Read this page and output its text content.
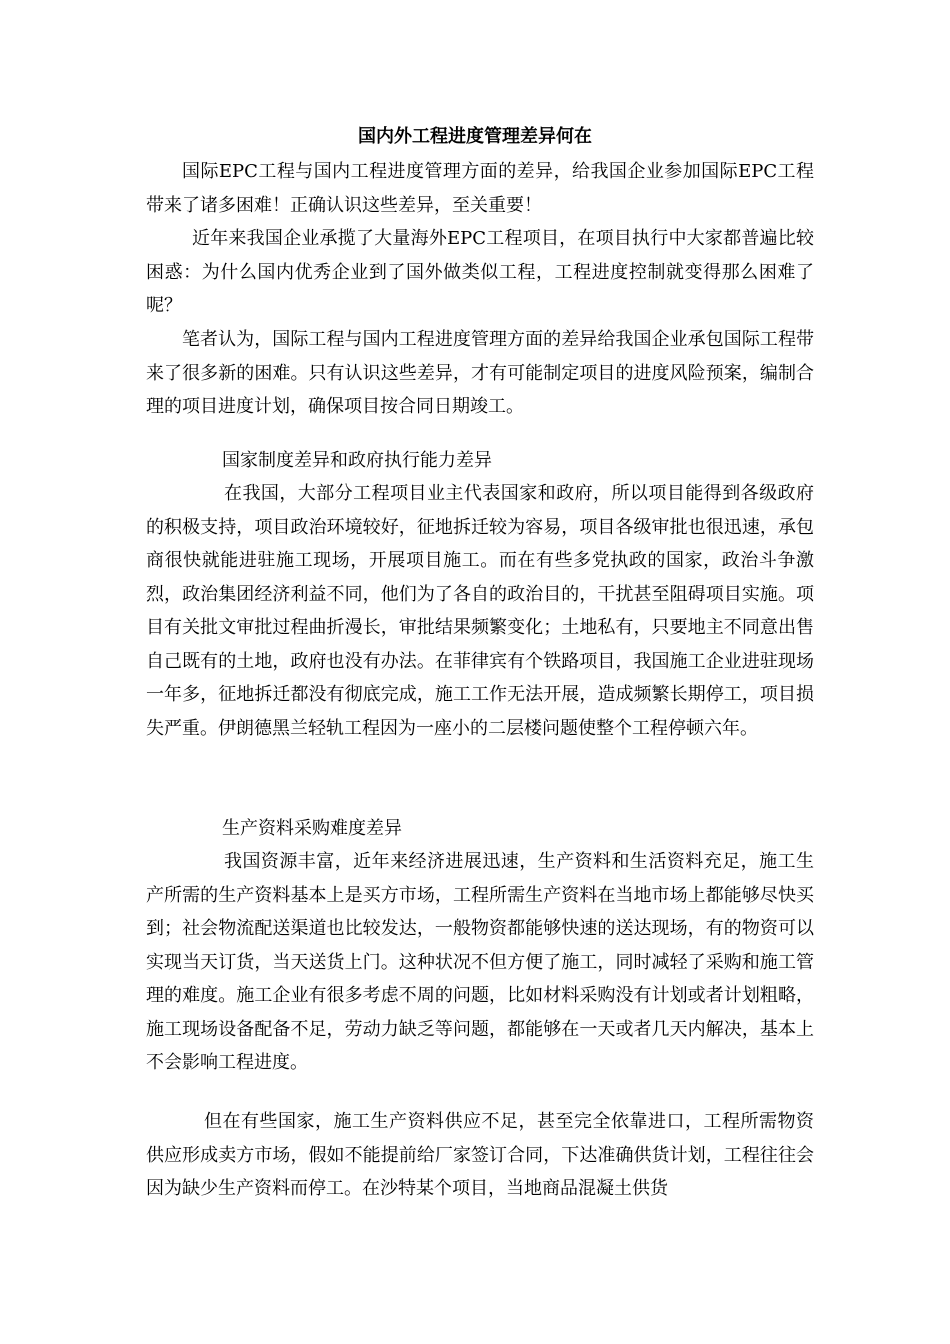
国内外工程进度管理差异何在

国际EPC工程与国内工程进度管理方面的差异，给我国企业参加国际EPC工程带来了诸多困难！正确认识这些差异，至关重要！

近年来我国企业承揽了大量海外EPC工程项目，在项目执行中大家都普遍比较困惑：为什么国内优秀企业到了国外做类似工程，工程进度控制就变得那么困难了呢？

笔者认为，国际工程与国内工程进度管理方面的差异给我国企业承包国际工程带来了很多新的困难。只有认识这些差异，才有可能制定项目的进度风险预案，编制合理的项目进度计划，确保项目按合同日期竣工。

国家制度差异和政府执行能力差异

在我国，大部分工程项目业主代表国家和政府，所以项目能得到各级政府的积极支持，项目政治环境较好，征地拆迁较为容易，项目各级审批也很迅速，承包商很快就能进驻施工现场，开展项目施工。而在有些多党执政的国家，政治斗争激烈，政治集团经济利益不同，他们为了各自的政治目的，干扰甚至阻碍项目实施。项目有关批文审批过程曲折漫长，审批结果频繁变化；土地私有，只要地主不同意出售自己既有的土地，政府也没有办法。在菲律宾有个铁路项目，我国施工企业进驻现场一年多，征地拆迁都没有彻底完成，施工工作无法开展，造成频繁长期停工，项目损失严重。伊朗德黑兰轻轨工程因为一座小的二层楼问题使整个工程停顿六年。

生产资料采购难度差异

我国资源丰富，近年来经济进展迅速，生产资料和生活资料充足，施工生产所需的生产资料基本上是买方市场，工程所需生产资料在当地市场上都能够尽快买到；社会物流配送渠道也比较发达，一般物资都能够快速的送达现场，有的物资可以实现当天订货，当天送货上门。这种状况不但方便了施工，同时减轻了采购和施工管理的难度。施工企业有很多考虑不周的问题，比如材料采购没有计划或者计划粗略，施工现场设备配备不足，劳动力缺乏等问题，都能够在一天或者几天内解决，基本上不会影响工程进度。

但在有些国家，施工生产资料供应不足，甚至完全依靠进口，工程所需物资供应形成卖方市场，假如不能提前给厂家签订合同，下达准确供货计划，工程往往会因为缺少生产资料而停工。在沙特某个项目，当地商品混凝土供货
